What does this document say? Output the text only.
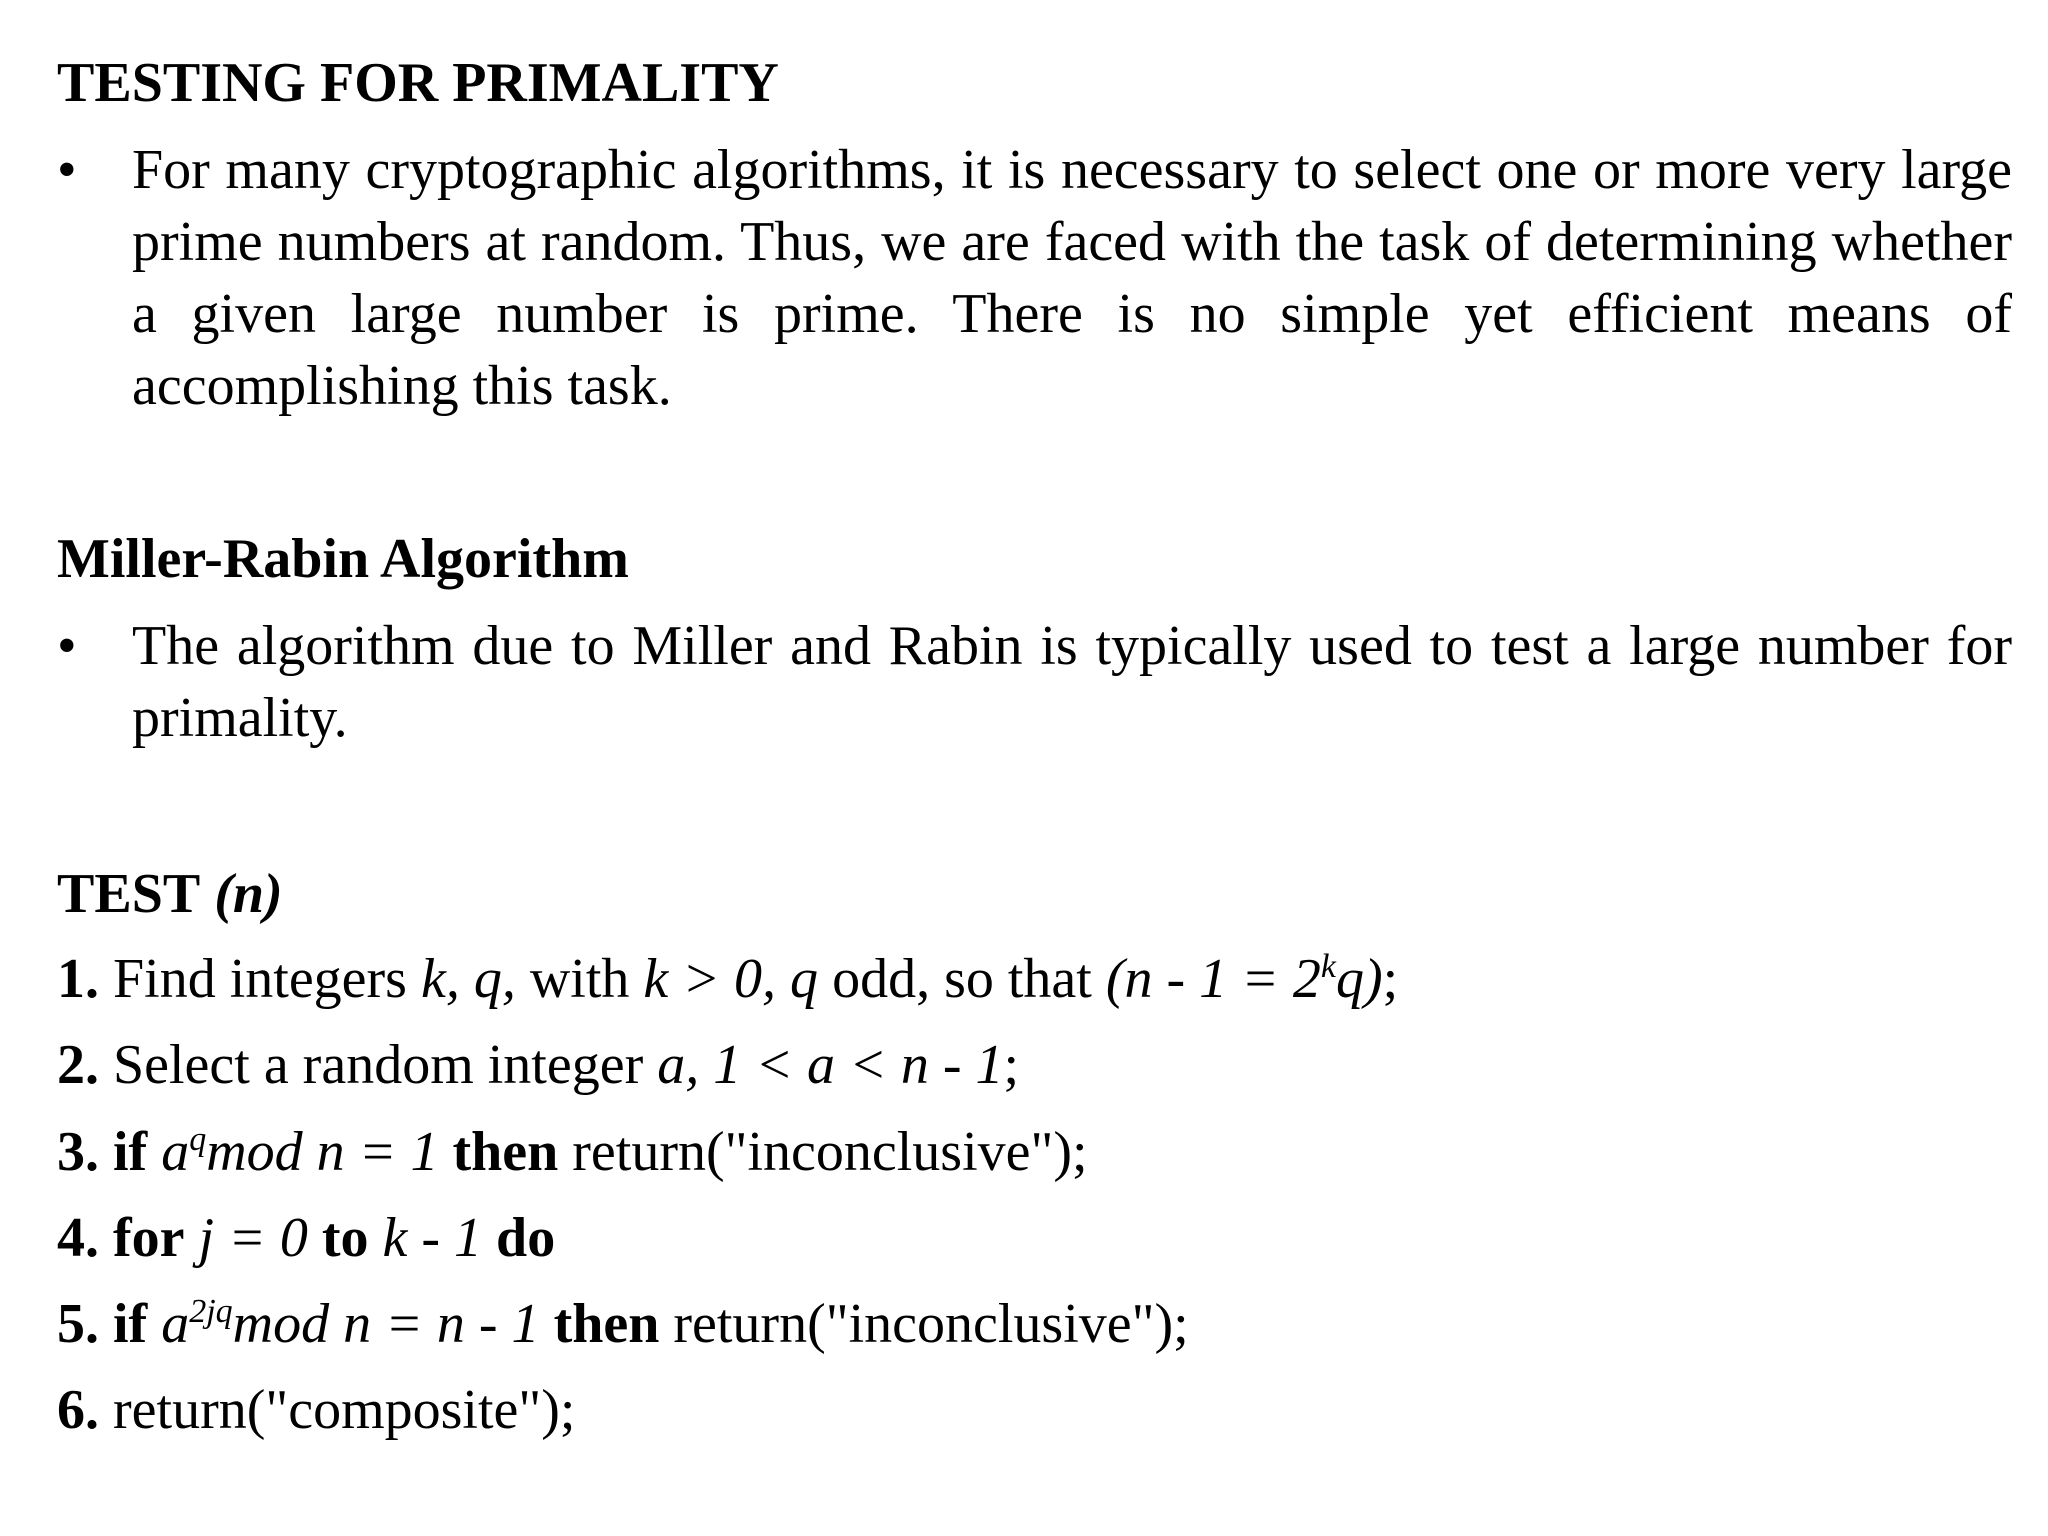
TESTING FOR PRIMALITY
• For many cryptographic algorithms, it is necessary to select one or more very large prime numbers at random. Thus, we are faced with the task of determining whether a given large number is prime. There is no simple yet efficient means of accomplishing this task.
Miller-Rabin Algorithm
• The algorithm due to Miller and Rabin is typically used to test a large number for primality.
TEST (n)
1. Find integers k, q, with k > 0, q odd, so that $(n - 1 = 2^kq)$;
2. Select a random integer a, 1 < a < n - 1;
3. if $a^qmod$ n = 1 then return("inconclusive");
4. for j = 0 to k - 1 do
5. if $a^{2jq}mod$ n = n - 1 then return("inconclusive");
6. return("composite");
